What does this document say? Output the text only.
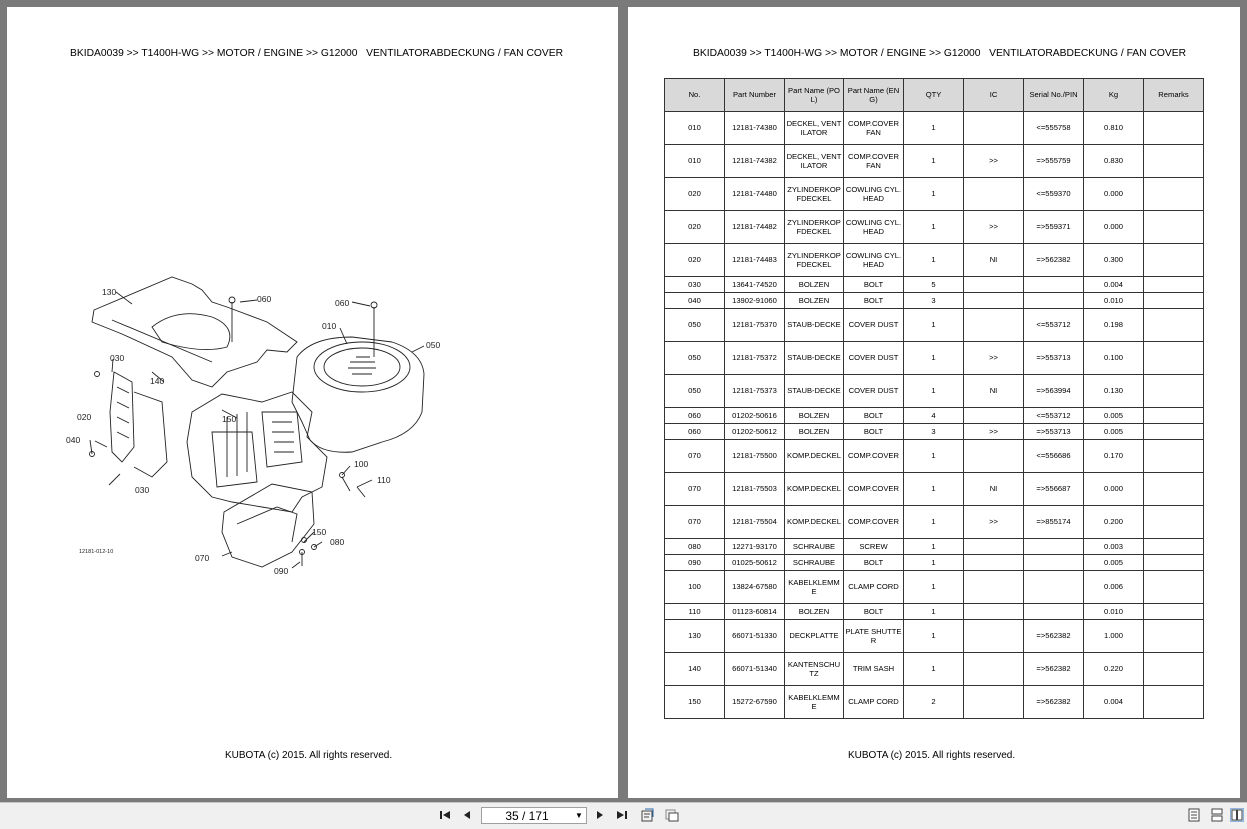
BKIDA0039 >> T1400H-WG >> MOTOR / ENGINE >> G12000   VENTILATORABDECKUNG / FAN COVER
130
060	060
010
050
030
140
020	150
040
100
110
030
150
080
070
090
12181-012-10
KUBOTA (c) 2015. All rights reserved.
BKIDA0039 >> T1400H-WG >> MOTOR / ENGINE >> G12000   VENTILATORABDECKUNG / FAN COVER
No.	Part Number	Part Name (POL)	Part Name (ENG)	QTY	IC	Serial No./PIN	Kg	Remarks
010	12181-74380	DECKEL, VENTILATOR	COMP.COVER FAN	1		<=555758	0.810	
010	12181-74382	DECKEL, VENTILATOR	COMP.COVER FAN	1	>>	=>555759	0.830	
020	12181-74480	ZYLINDERKOPFDECKEL	COWLING CYL.HEAD	1		<=559370	0.000	
020	12181-74482	ZYLINDERKOPFDECKEL	COWLING CYL.HEAD	1	>>	=>559371	0.000	
020	12181-74483	ZYLINDERKOPFDECKEL	COWLING CYL.HEAD	1	NI	=>562382	0.300	
030	13641-74520	BOLZEN	BOLT	5			0.004	
040	13902-91060	BOLZEN	BOLT	3			0.010	
050	12181-75370	STAUB-DECKE	COVER DUST	1		<=553712	0.198	
050	12181-75372	STAUB-DECKE	COVER DUST	1	>>	=>553713	0.100	
050	12181-75373	STAUB-DECKE	COVER DUST	1	NI	=>563994	0.130	
060	01202-50616	BOLZEN	BOLT	4		<=553712	0.005	
060	01202-50612	BOLZEN	BOLT	3	>>	=>553713	0.005	
070	12181-75500	KOMP.DECKEL	COMP.COVER	1		<=556686	0.170	
070	12181-75503	KOMP.DECKEL	COMP.COVER	1	NI	=>556687	0.000	
070	12181-75504	KOMP.DECKEL	COMP.COVER	1	>>	=>855174	0.200	
080	12271-93170	SCHRAUBE	SCREW	1			0.003	
090	01025-50612	SCHRAUBE	BOLT	1			0.005	
100	13824-67580	KABELKLEMME	CLAMP CORD	1			0.006	
110	01123-60814	BOLZEN	BOLT	1			0.010	
130	66071-51330	DECKPLATTE	PLATE SHUTTER	1		=>562382	1.000	
140	66071-51340	KANTENSCHUTZ	TRIM SASH	1		=>562382	0.220	
150	15272-67590	KABELKLEMME	CLAMP CORD	2		=>562382	0.004	
KUBOTA (c) 2015. All rights reserved.
35 / 171	▼
